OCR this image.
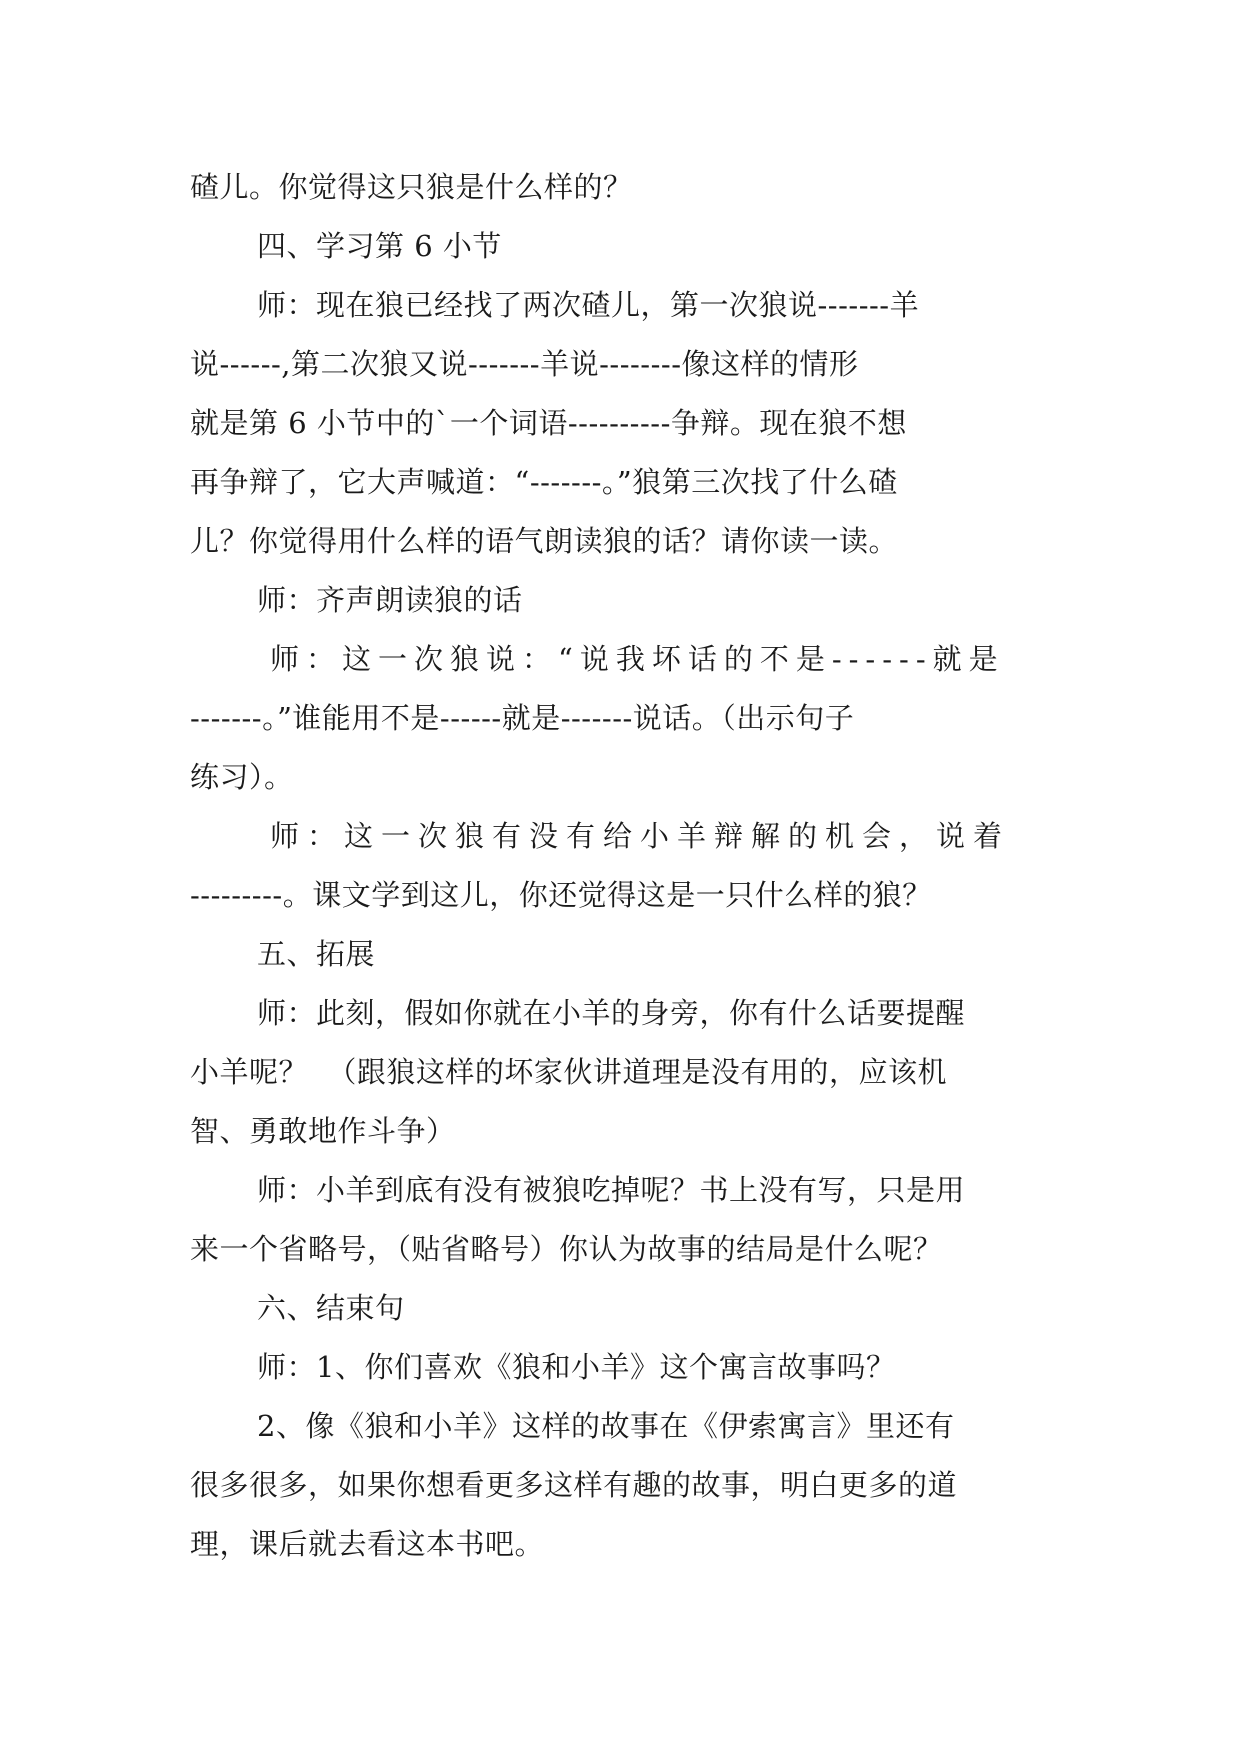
碴儿。你觉得这只狼是什么样的？
四、学习第 6 小节
师：现在狼已经找了两次碴儿，第一次狼说-------羊
说------,第二次狼又说-------羊说--------像这样的情形
就是第 6 小节中的`一个词语----------争辩。现在狼不想
再争辩了，它大声喊道：“-------。”狼第三次找了什么碴
儿？你觉得用什么样的语气朗读狼的话？请你读一读。
师：齐声朗读狼的话
师：这一次狼说：“说我坏话的不是------就是
-------。”谁能用不是------就是-------说话。（出示句子
练习）。
师：这一次狼有没有给小羊辩解的机会，说着
---------。课文学到这儿，你还觉得这是一只什么样的狼？
五、拓展
师：此刻，假如你就在小羊的身旁，你有什么话要提醒
小羊呢？  （跟狼这样的坏家伙讲道理是没有用的，应该机
智、勇敢地作斗争）
师：小羊到底有没有被狼吃掉呢？书上没有写，只是用
来一个省略号，（贴省略号）你认为故事的结局是什么呢？
六、结束句
师：1、你们喜欢《狼和小羊》这个寓言故事吗？
2、像《狼和小羊》这样的故事在《伊索寓言》里还有
很多很多，如果你想看更多这样有趣的故事，明白更多的道
理，课后就去看这本书吧。
